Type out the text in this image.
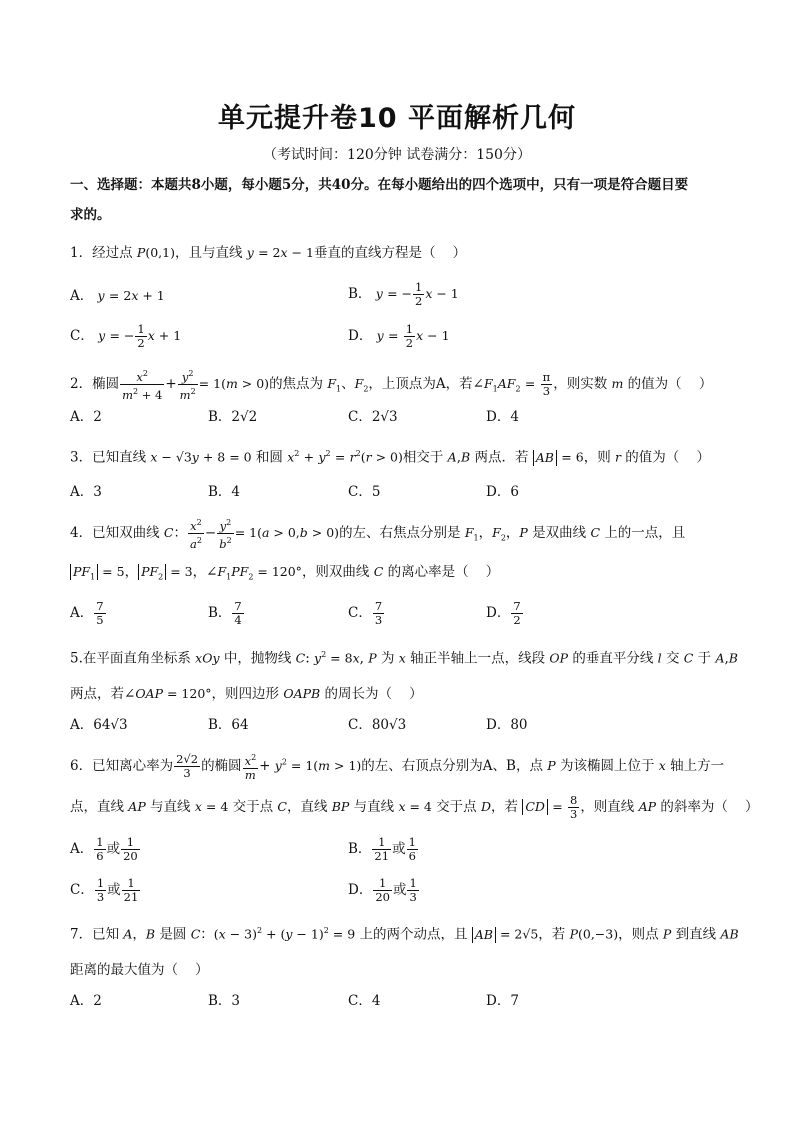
单元提升卷10 平面解析几何
（考试时间：120分钟 试卷满分：150分）
一、选择题：本题共8小题，每小题5分，共40分。在每小题给出的四个选项中，只有一项是符合题目要
求的。
1．经过点 P(0,1)，且与直线 y = 2x − 1垂直的直线方程是（    ）
A． y = 2x + 1	B． y = − $\frac{1}{2}$ x − 1
C． y = − $\frac{1}{2}$ x + 1	D． $y = \frac{1}{2}$ x − 1
2．椭圆 $\frac{x^2}{m^2 + 4} + \frac{y^2}{m^2} = 1(m > 0)$的焦点为 $F_1$、$F_2$，上顶点为A，若$\angle F_1AF_2 = \frac{\pi}{3}$ ，则实数 m 的值为（    ）
A．2	B．2√2	C．2√3	D．4
3．已知直线 x − √3y + 8 = 0 和圆 $x^2 + y^2 = r^2(r > 0)$相交于 A,B 两点．若 AB = 6，则 r 的值为（    ）
A．3	B．4	C．5	D．6
4．已知双曲线 C： $\frac{x^2}{a^2} - \frac{y^2}{b^2} = 1(a > 0,b > 0)$的左、右焦点分别是 $F_1$，$F_2$，P 是双曲线 C 上的一点，且
$PF_1 = 5$， $PF_2 = 3$，$\angle F_1PF_2 = 120^\circ$，则双曲线 C 的离心率是（    ）
A． $\frac{7}{5}$	B． $\frac{7}{4}$	C． $\frac{7}{3}$	D． $\frac{7}{2}$
5.在平面直角坐标系 xOy 中，抛物线 C: $y^2 = 8x$, P 为 x 轴正半轴上一点，线段 OP 的垂直平分线 l 交 C 于 A,B
两点，若∠OAP = 120°，则四边形 OAPB 的周长为（    ）
A．64√3	B．64	C．80√3	D．80
6．已知离心率为 $\frac{2√2}{3}$ 的椭圆 $\frac{x^2}{m} + y^2 = 1(m > 1)$的左、右顶点分别为A、B，点 P 为该椭圆上位于 x 轴上方一
点，直线 AP 与直线 x = 4 交于点 C，直线 BP 与直线 x = 4 交于点 D，若 CD = $\frac{8}{3}$ ，则直线 AP 的斜率为（    ）
A． $\frac{1}{6}$ 或 $\frac{1}{20}$	B． $\frac{1}{21}$ 或 $\frac{1}{6}$
C． $\frac{1}{3}$ 或 $\frac{1}{21}$	D． $\frac{1}{20}$ 或 $\frac{1}{3}$
7．已知 A，B 是圆 C：$(x - 3)^2 + (y - 1)^2 = 9$ 上的两个动点，且 AB = 2√5，若 P(0,−3)，则点 P 到直线 AB
距离的最大值为（    ）
A．2	B．3	C．4	D．7
